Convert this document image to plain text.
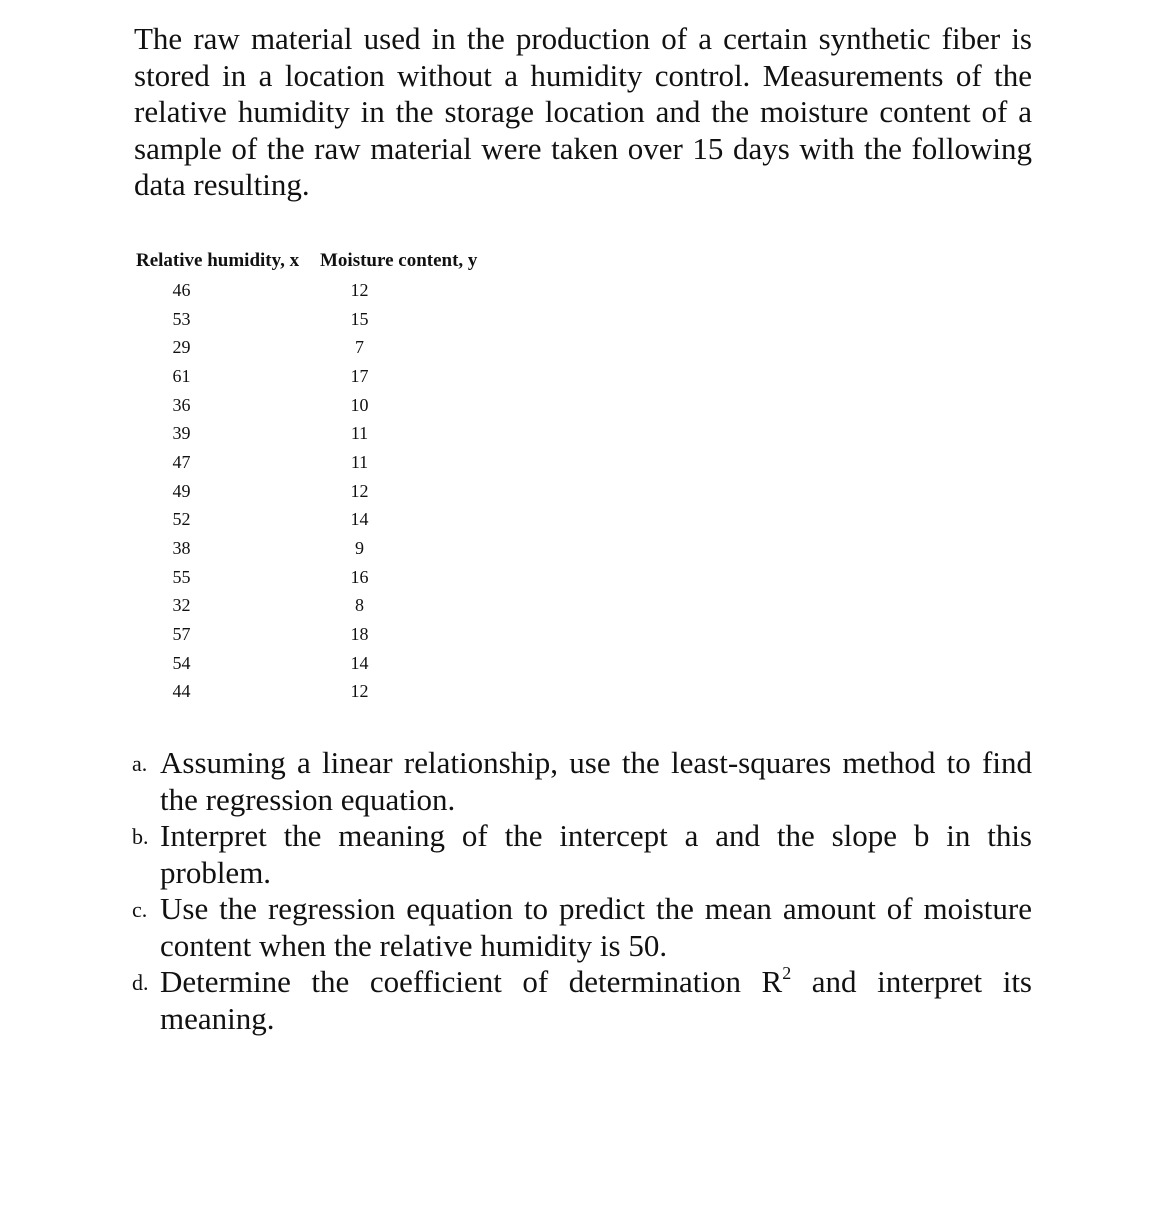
The raw material used in the production of a certain synthetic fiber is stored in a location without a humidity control. Measurements of the relative humidity in the storage location and the moisture content of a sample of the raw material were taken over 15 days with the following data resulting.

Relative humidity, x	Moisture content, y
46	12
53	15
29	7
61	17
36	10
39	11
47	11
49	12
52	14
38	9
55	16
32	8
57	18
54	14
44	12
a. Assuming a linear relationship, use the least-squares method to find the regression equation.
b. Interpret the meaning of the intercept a and the slope b in this problem.
c. Use the regression equation to predict the mean amount of moisture content when the relative humidity is 50.
d. Determine the coefficient of determination $R^2$ and interpret its meaning.
